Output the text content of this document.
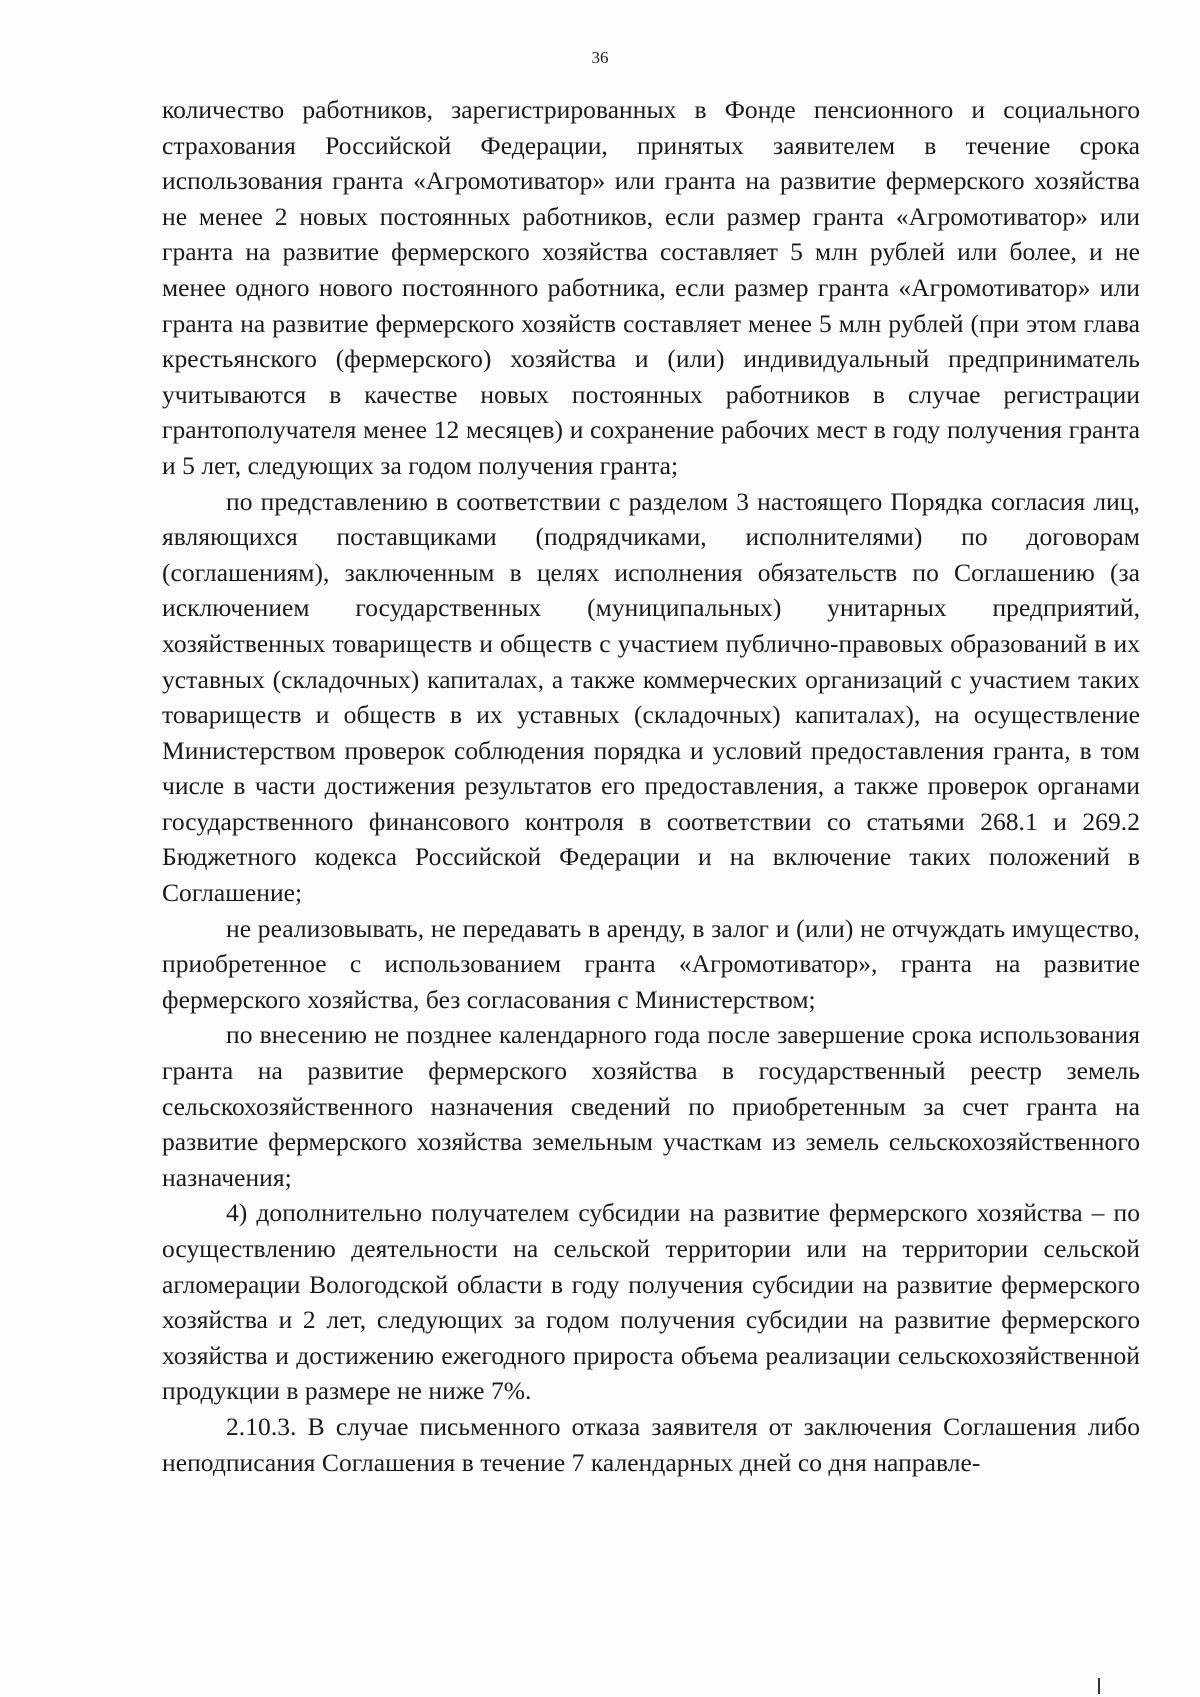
36

количество работников, зарегистрированных в Фонде пенсионного и социального страхования Российской Федерации, принятых заявителем в течение срока использования гранта «Агромотиватор» или гранта на развитие фермерского хозяйства не менее 2 новых постоянных работников, если размер гранта «Агромотиватор» или гранта на развитие фермерского хозяйства составляет 5 млн рублей или более, и не менее одного нового постоянного работника, если размер гранта «Агромотиватор» или гранта на развитие фермерского хозяйств составляет менее 5 млн рублей (при этом глава крестьянского (фермерского) хозяйства и (или) индивидуальный предприниматель учитываются в качестве новых постоянных работников в случае регистрации грантополучателя менее 12 месяцев) и сохранение рабочих мест в году получения гранта и 5 лет, следующих за годом получения гранта;

по представлению в соответствии с разделом 3 настоящего Порядка согласия лиц, являющихся поставщиками (подрядчиками, исполнителями) по договорам (соглашениям), заключенным в целях исполнения обязательств по Соглашению (за исключением государственных (муниципальных) унитарных предприятий, хозяйственных товариществ и обществ с участием публично-правовых образований в их уставных (складочных) капиталах, а также коммерческих организаций с участием таких товариществ и обществ в их уставных (складочных) капиталах), на осуществление Министерством проверок соблюдения порядка и условий предоставления гранта, в том числе в части достижения результатов его предоставления, а также проверок органами государственного финансового контроля в соответствии со статьями 268.1 и 269.2 Бюджетного кодекса Российской Федерации и на включение таких положений в Соглашение;

не реализовывать, не передавать в аренду, в залог и (или) не отчуждать имущество, приобретенное с использованием гранта «Агромотиватор», гранта на развитие фермерского хозяйства, без согласования с Министерством;

по внесению не позднее календарного года после завершение срока использования гранта на развитие фермерского хозяйства в государственный реестр земель сельскохозяйственного назначения сведений по приобретенным за счет гранта на развитие фермерского хозяйства земельным участкам из земель сельскохозяйственного назначения;

4) дополнительно получателем субсидии на развитие фермерского хозяйства – по осуществлению деятельности на сельской территории или на территории сельской агломерации Вологодской области в году получения субсидии на развитие фермерского хозяйства и 2 лет, следующих за годом получения субсидии на развитие фермерского хозяйства и достижению ежегодного прироста объема реализации сельскохозяйственной продукции в размере не ниже 7%.

2.10.3. В случае письменного отказа заявителя от заключения Соглашения либо неподписания Соглашения в течение 7 календарных дней со дня направле-
